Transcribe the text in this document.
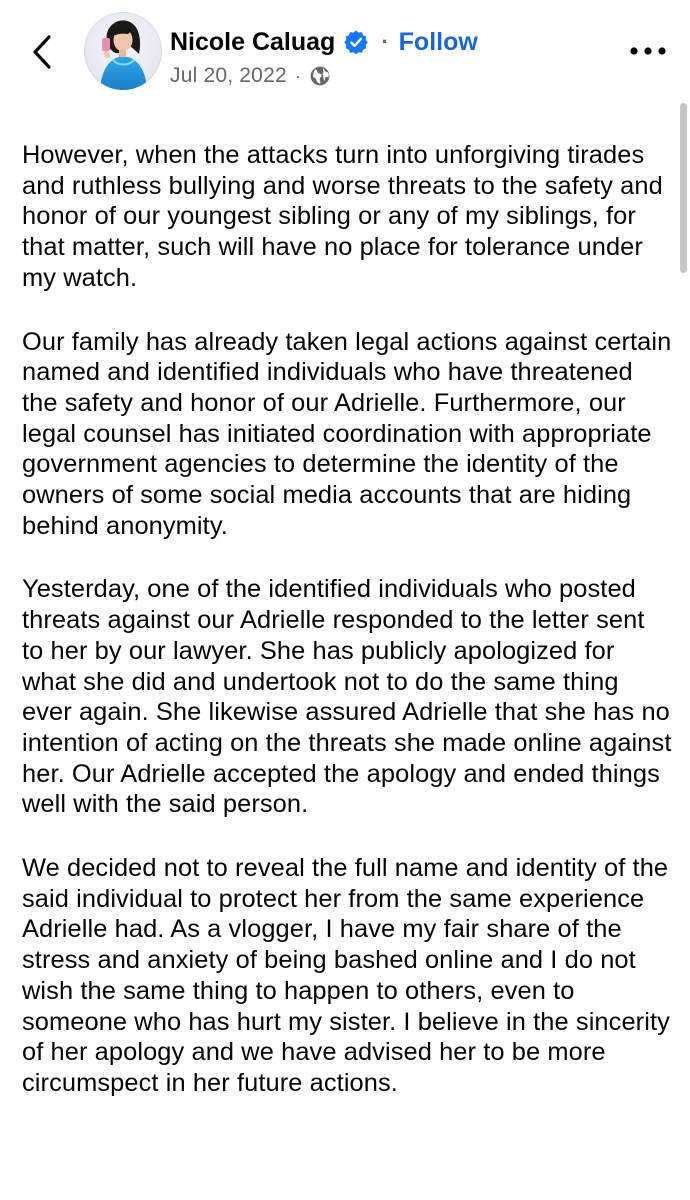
Nicole Caluag · Follow
Jul 20, 2022 ·

However, when the attacks turn into unforgiving tirades and ruthless bullying and worse threats to the safety and honor of our youngest sibling or any of my siblings, for that matter, such will have no place for tolerance under my watch.

Our family has already taken legal actions against certain named and identified individuals who have threatened the safety and honor of our Adrielle. Furthermore, our legal counsel has initiated coordination with appropriate government agencies to determine the identity of the owners of some social media accounts that are hiding behind anonymity.

Yesterday, one of the identified individuals who posted threats against our Adrielle responded to the letter sent to her by our lawyer. She has publicly apologized for what she did and undertook not to do the same thing ever again. She likewise assured Adrielle that she has no intention of acting on the threats she made online against her. Our Adrielle accepted the apology and ended things well with the said person.

We decided not to reveal the full name and identity of the said individual to protect her from the same experience Adrielle had. As a vlogger, I have my fair share of the stress and anxiety of being bashed online and I do not wish the same thing to happen to others, even to someone who has hurt my sister. I believe in the sincerity of her apology and we have advised her to be more circumspect in her future actions.
